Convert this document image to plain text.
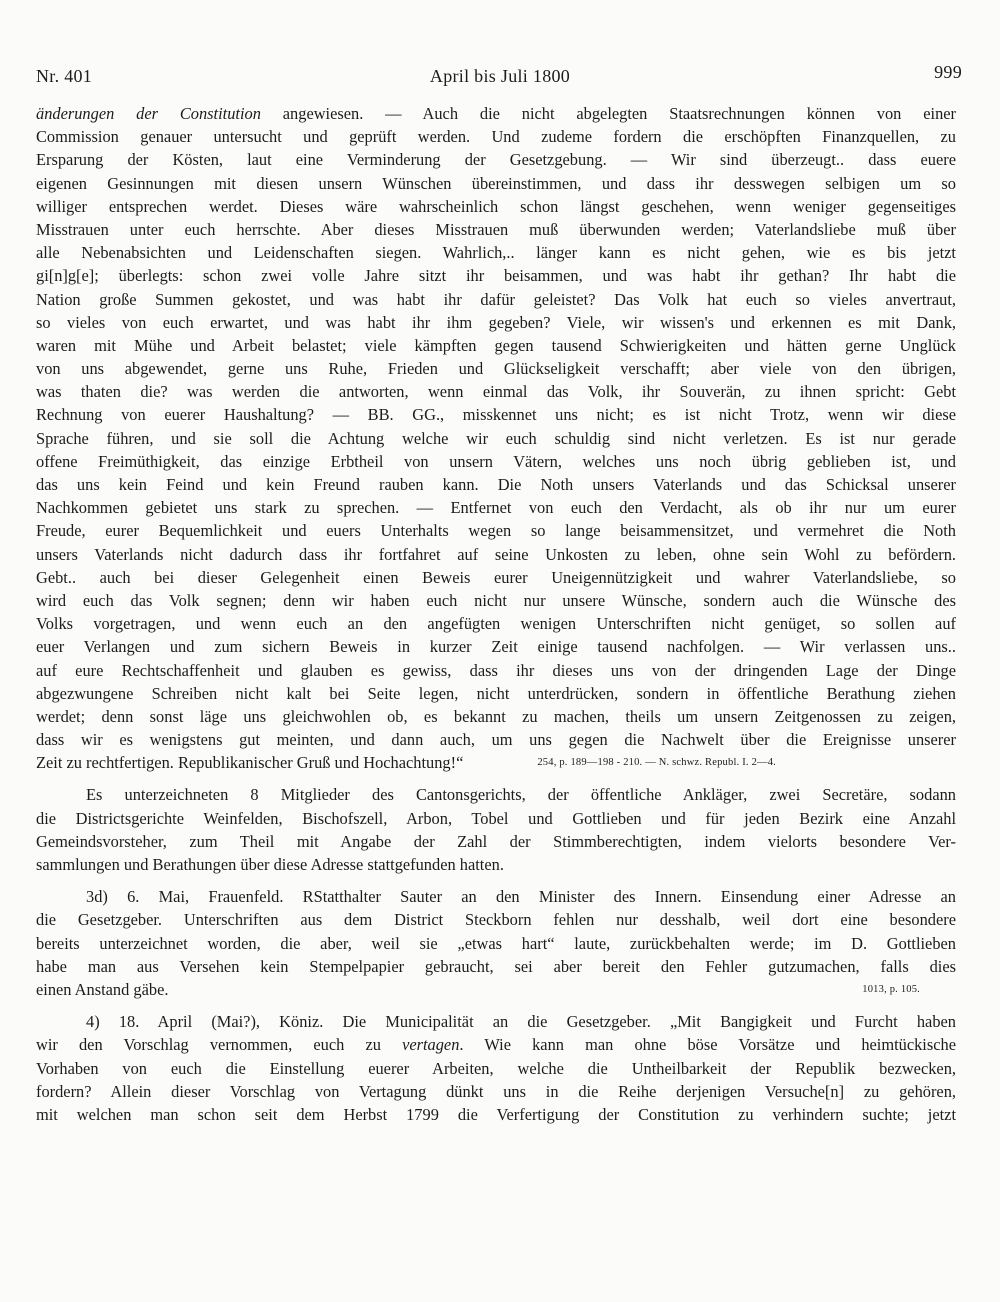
April bis Juli 1800
Nr. 401	999
änderungen der Constitution angewiesen. — Auch die nicht abgelegten Staatsrechnungen können von einer
Commission genauer untersucht und geprüft werden. Und zudeme fordern die erschöpften Finanzquellen, zu
Ersparung der Kösten, laut eine Verminderung der Gesetzgebung. — Wir sind überzeugt.. dass euere
eigenen Gesinnungen mit diesen unsern Wünschen übereinstimmen, und dass ihr desswegen selbigen um so
williger entsprechen werdet. Dieses wäre wahrscheinlich schon längst geschehen, wenn weniger gegenseitiges
Misstrauen unter euch herrschte. Aber dieses Misstrauen muß überwunden werden; Vaterlandsliebe muß über
alle Nebenabsichten und Leidenschaften siegen. Wahrlich,.. länger kann es nicht gehen, wie es bis jetzt
gi[n]g[e]; überlegts: schon zwei volle Jahre sitzt ihr beisammen, und was habt ihr gethan? Ihr habt die
Nation große Summen gekostet, und was habt ihr dafür geleistet? Das Volk hat euch so vieles anvertraut,
so vieles von euch erwartet, und was habt ihr ihm gegeben? Viele, wir wissen's und erkennen es mit Dank,
waren mit Mühe und Arbeit belastet; viele kämpften gegen tausend Schwierigkeiten und hätten gerne Unglück
von uns abgewendet, gerne uns Ruhe, Frieden und Glückseligkeit verschafft; aber viele von den übrigen,
was thaten die? was werden die antworten, wenn einmal das Volk, ihr Souverän, zu ihnen spricht: Gebt
Rechnung von euerer Haushaltung? — BB. GG., misskennet uns nicht; es ist nicht Trotz, wenn wir diese
Sprache führen, und sie soll die Achtung welche wir euch schuldig sind nicht verletzen. Es ist nur gerade
offene Freimüthigkeit, das einzige Erbtheil von unsern Vätern, welches uns noch übrig geblieben ist, und
das uns kein Feind und kein Freund rauben kann. Die Noth unsers Vaterlands und das Schicksal unserer
Nachkommen gebietet uns stark zu sprechen. — Entfernet von euch den Verdacht, als ob ihr nur um eurer
Freude, eurer Bequemlichkeit und euers Unterhalts wegen so lange beisammensitzet, und vermehret die Noth
unsers Vaterlands nicht dadurch dass ihr fortfahret auf seine Unkosten zu leben, ohne sein Wohl zu befördern.
Gebt.. auch bei dieser Gelegenheit einen Beweis eurer Uneigennützigkeit und wahrer Vaterlandsliebe, so
wird euch das Volk segnen; denn wir haben euch nicht nur unsere Wünsche, sondern auch die Wünsche des
Volks vorgetragen, und wenn euch an den angefügten wenigen Unterschriften nicht genüget, so sollen auf
euer Verlangen und zum sichern Beweis in kurzer Zeit einige tausend nachfolgen. — Wir verlassen uns..
auf eure Rechtschaffenheit und glauben es gewiss, dass ihr dieses uns von der dringenden Lage der Dinge
abgezwungene Schreiben nicht kalt bei Seite legen, nicht unterdrücken, sondern in öffentliche Berathung ziehen
werdet; denn sonst läge uns gleichwohlen ob, es bekannt zu machen, theils um unsern Zeitgenossen zu zeigen,
dass wir es wenigstens gut meinten, und dann auch, um uns gegen die Nachwelt über die Ereignisse unserer
Zeit zu rechtfertigen. Republikanischer Gruß und Hochachtung!“	254, p. 189—198 - 210. — N. schwz. Republ. I. 2—4.
Es unterzeichneten 8 Mitglieder des Cantonsgerichts, der öffentliche Ankläger, zwei Secretäre, sodann
die Districtsgerichte Weinfelden, Bischofszell, Arbon, Tobel und Gottlieben und für jeden Bezirk eine Anzahl
Gemeindsvorsteher, zum Theil mit Angabe der Zahl der Stimmberechtigten, indem vielorts besondere Ver-
sammlungen und Berathungen über diese Adresse stattgefunden hatten.
3d) 6. Mai, Frauenfeld. RStatthalter Sauter an den Minister des Innern. Einsendung einer Adresse an
die Gesetzgeber. Unterschriften aus dem District Steckborn fehlen nur desshalb, weil dort eine besondere
bereits unterzeichnet worden, die aber, weil sie „etwas hart“ laute, zurückbehalten werde; im D. Gottlieben
habe man aus Versehen kein Stempelpapier gebraucht, sei aber bereit den Fehler gutzumachen, falls dies
einen Anstand gäbe.	1013, p. 105.
4) 18. April (Mai?), Köniz. Die Municipalität an die Gesetzgeber. „Mit Bangigkeit und Furcht haben
wir den Vorschlag vernommen, euch zu vertagen. Wie kann man ohne böse Vorsätze und heimtückische
Vorhaben von euch die Einstellung euerer Arbeiten, welche die Untheilbarkeit der Republik bezwecken,
fordern? Allein dieser Vorschlag von Vertagung dünkt uns in die Reihe derjenigen Versuche[n] zu gehören,
mit welchen man schon seit dem Herbst 1799 die Verfertigung der Constitution zu verhindern suchte; jetzt
